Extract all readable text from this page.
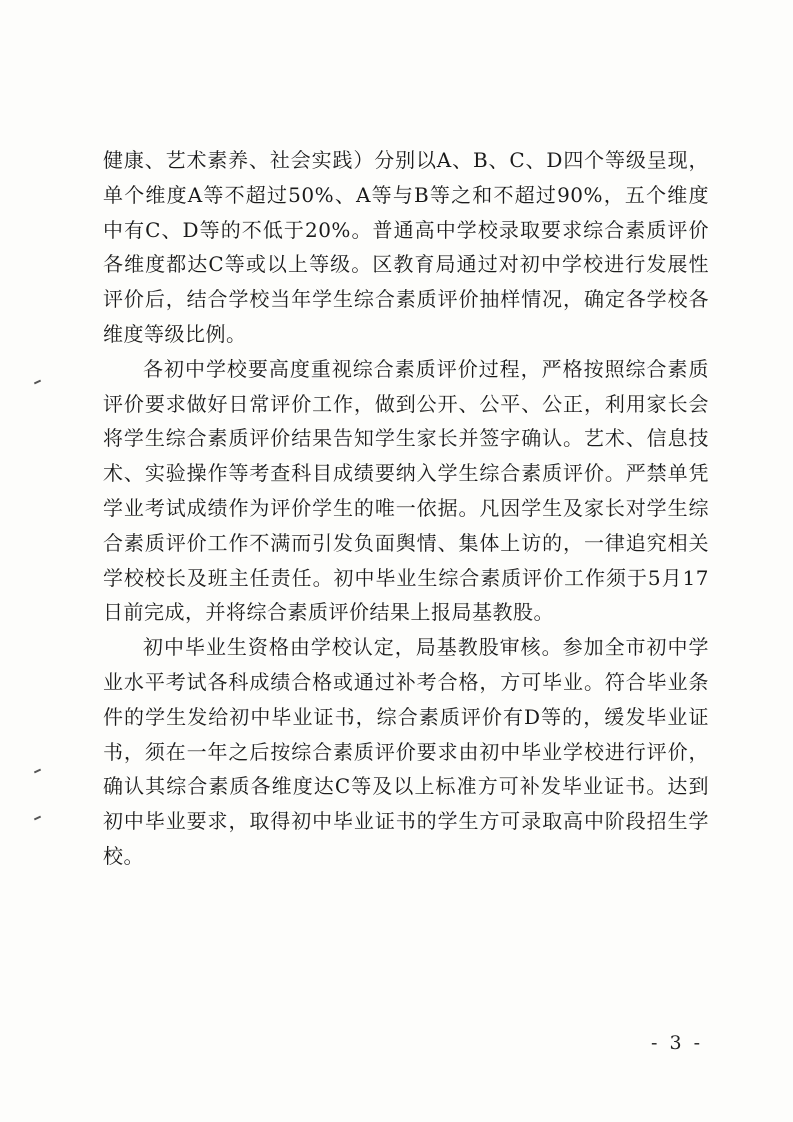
健康、艺术素养、社会实践）分别以A、B、C、D四个等级呈现，单个维度A等不超过50%、A等与B等之和不超过90%，五个维度中有C、D等的不低于20%。普通高中学校录取要求综合素质评价各维度都达C等或以上等级。区教育局通过对初中学校进行发展性评价后，结合学校当年学生综合素质评价抽样情况，确定各学校各维度等级比例。

各初中学校要高度重视综合素质评价过程，严格按照综合素质评价要求做好日常评价工作，做到公开、公平、公正，利用家长会将学生综合素质评价结果告知学生家长并签字确认。艺术、信息技术、实验操作等考查科目成绩要纳入学生综合素质评价。严禁单凭学业考试成绩作为评价学生的唯一依据。凡因学生及家长对学生综合素质评价工作不满而引发负面舆情、集体上访的，一律追究相关学校校长及班主任责任。初中毕业生综合素质评价工作须于5月17日前完成，并将综合素质评价结果上报局基教股。

初中毕业生资格由学校认定，局基教股审核。参加全市初中学业水平考试各科成绩合格或通过补考合格，方可毕业。符合毕业条件的学生发给初中毕业证书，综合素质评价有D等的，缓发毕业证书，须在一年之后按综合素质评价要求由初中毕业学校进行评价，确认其综合素质各维度达C等及以上标准方可补发毕业证书。达到初中毕业要求，取得初中毕业证书的学生方可录取高中阶段招生学校。

- 3 -
